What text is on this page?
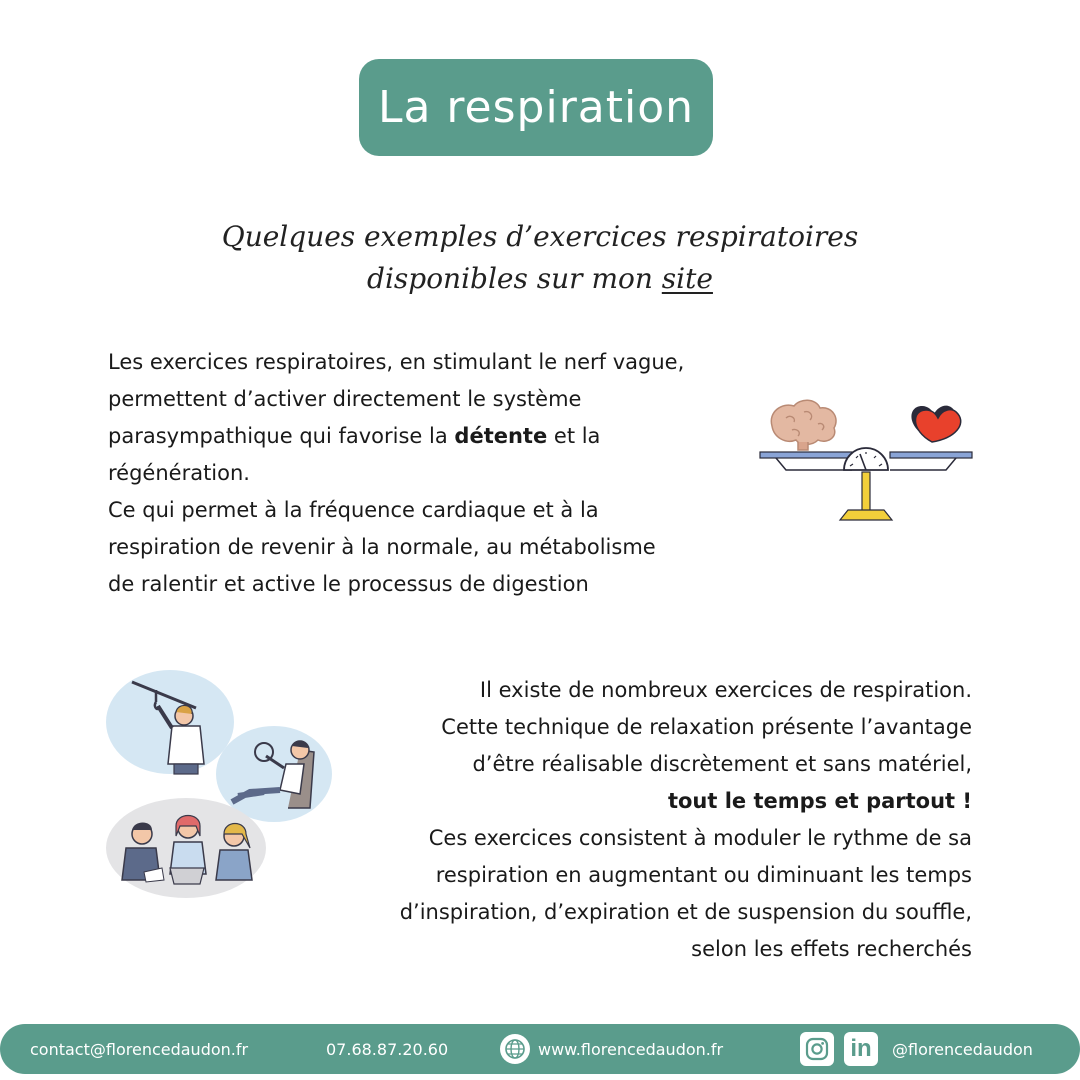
La respiration
Quelques exemples d’exercices respiratoires
disponibles sur mon site
Les exercices respiratoires, en stimulant le nerf vague,
permettent d’activer directement le système
parasympathique qui favorise la détente et la
régénération.
Ce qui permet à la fréquence cardiaque et à la
respiration de revenir à la normale, au métabolisme
de ralentir et active le processus de digestion
Il existe de nombreux exercices de respiration.
Cette technique de relaxation présente l’avantage
d’être réalisable discrètement et sans matériel,
tout le temps et partout !
Ces exercices consistent à moduler le rythme de sa
respiration en augmentant ou diminuant les temps
d’inspiration, d’expiration et de suspension du souffle,
selon les effets recherchés
contact@florencedaudon.fr	07.68.87.20.60	www.florencedaudon.fr	in @florencedaudon
